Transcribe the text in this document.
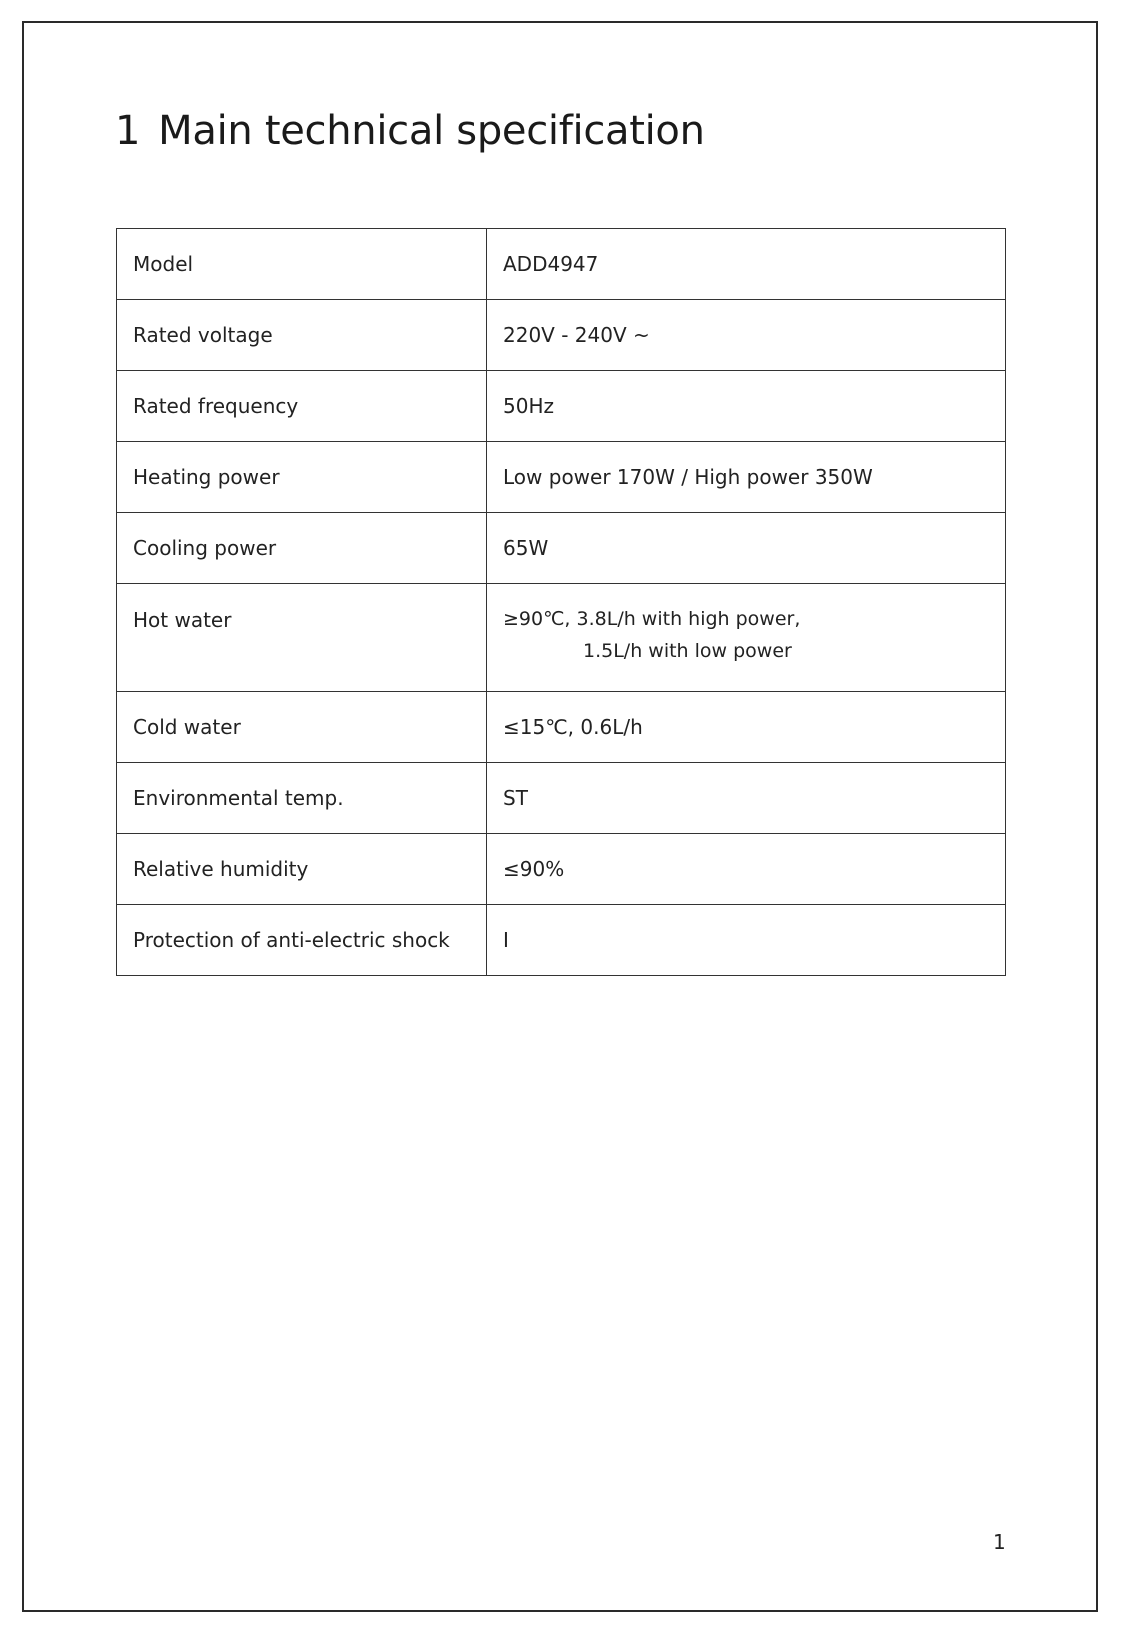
1 Main technical specification
Model	ADD4947
Rated voltage	220V - 240V ~
Rated frequency	50Hz
Heating power	Low power 170W / High power 350W
Cooling power	65W
Hot water	≥90℃, 3.8L/h with high power,
1.5L/h with low power

Cold water	≤15℃, 0.6L/h
Environmental temp.	ST
Relative humidity	≤90%
Protection of anti-electric shock	I
1
